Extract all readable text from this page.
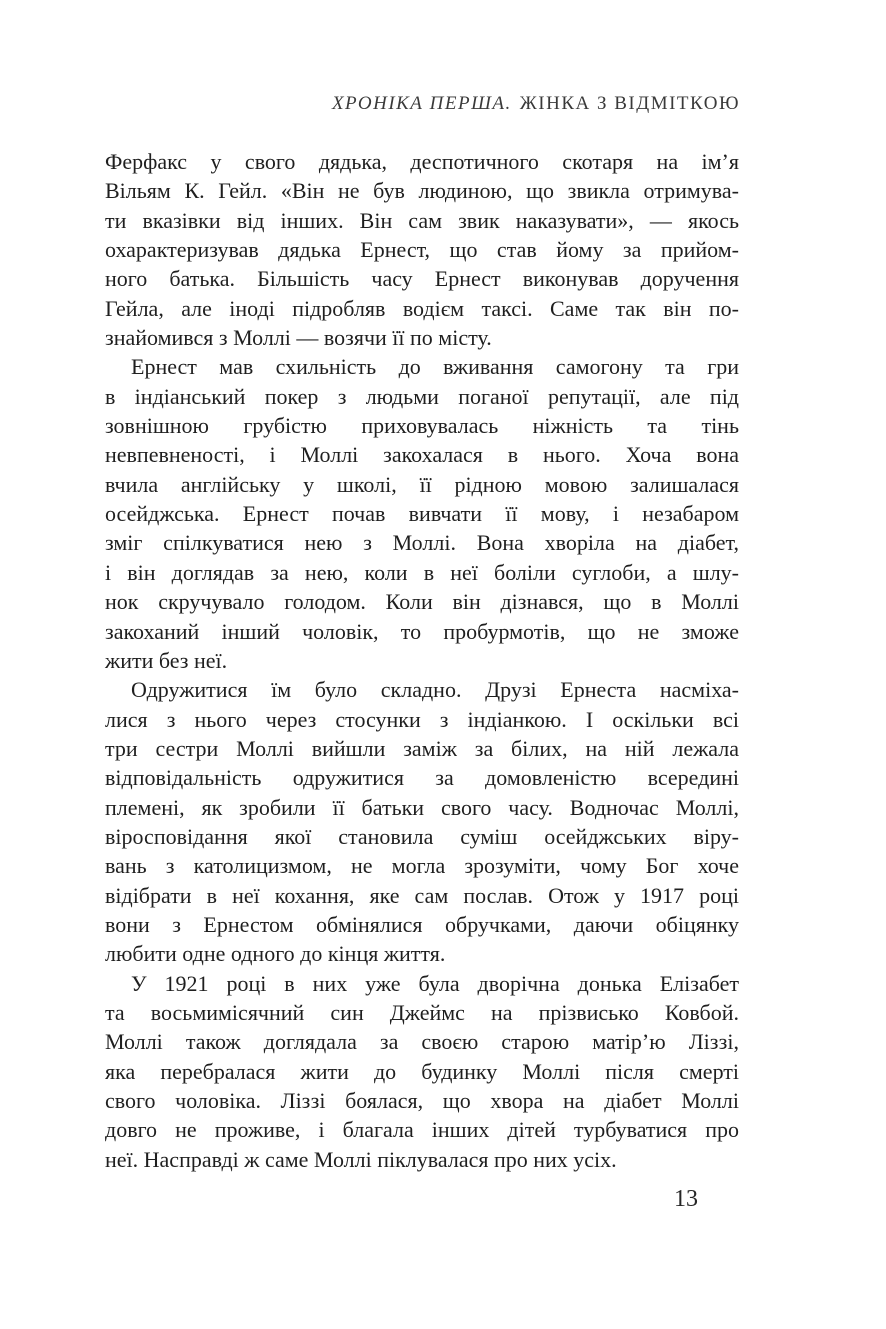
ХРОНІКА ПЕРША. ЖІНКА З ВІДМІТКОЮ
Ферфакс у свого дядька, деспотичного скотаря на ім’я
Вільям К. Гейл. «Він не був людиною, що звикла отримува-
ти вказівки від інших. Він сам звик наказувати», — якось
охарактеризував дядька Ернест, що став йому за прийом-
ного батька. Більшість часу Ернест виконував доручення
Гейла, але іноді підробляв водієм таксі. Саме так він по-
знайомився з Моллі — возячи її по місту.
Ернест мав схильність до вживання самогону та гри
в індіанський покер з людьми поганої репутації, але під
зовнішною грубістю приховувалась ніжність та тінь
невпевненості, і Моллі закохалася в нього. Хоча вона
вчила англійську у школі, її рідною мовою залишалася
осейджська. Ернест почав вивчати її мову, і незабаром
зміг спілкуватися нею з Моллі. Вона хворіла на діабет,
і він доглядав за нею, коли в неї боліли суглоби, а шлу-
нок скручувало голодом. Коли він дізнався, що в Моллі
закоханий інший чоловік, то пробурмотів, що не зможе
жити без неї.
Одружитися їм було складно. Друзі Ернеста насміха-
лися з нього через стосунки з індіанкою. І оскільки всі
три сестри Моллі вийшли заміж за білих, на ній лежала
відповідальність одружитися за домовленістю всередині
племені, як зробили її батьки свого часу. Водночас Моллі,
віросповідання якої становила суміш осейджських віру-
вань з католицизмом, не могла зрозуміти, чому Бог хоче
відібрати в неї кохання, яке сам послав. Отож у 1917 році
вони з Ернестом обмінялися обручками, даючи обіцянку
любити одне одного до кінця життя.
У 1921 році в них уже була дворічна донька Елізабет
та восьмимісячний син Джеймс на прізвисько Ковбой.
Моллі також доглядала за своєю старою матір’ю Ліззі,
яка перебралася жити до будинку Моллі після смерті
свого чоловіка. Ліззі боялася, що хвора на діабет Моллі
довго не проживе, і благала інших дітей турбуватися про
неї. Насправді ж саме Моллі піклувалася про них усіх.
13
